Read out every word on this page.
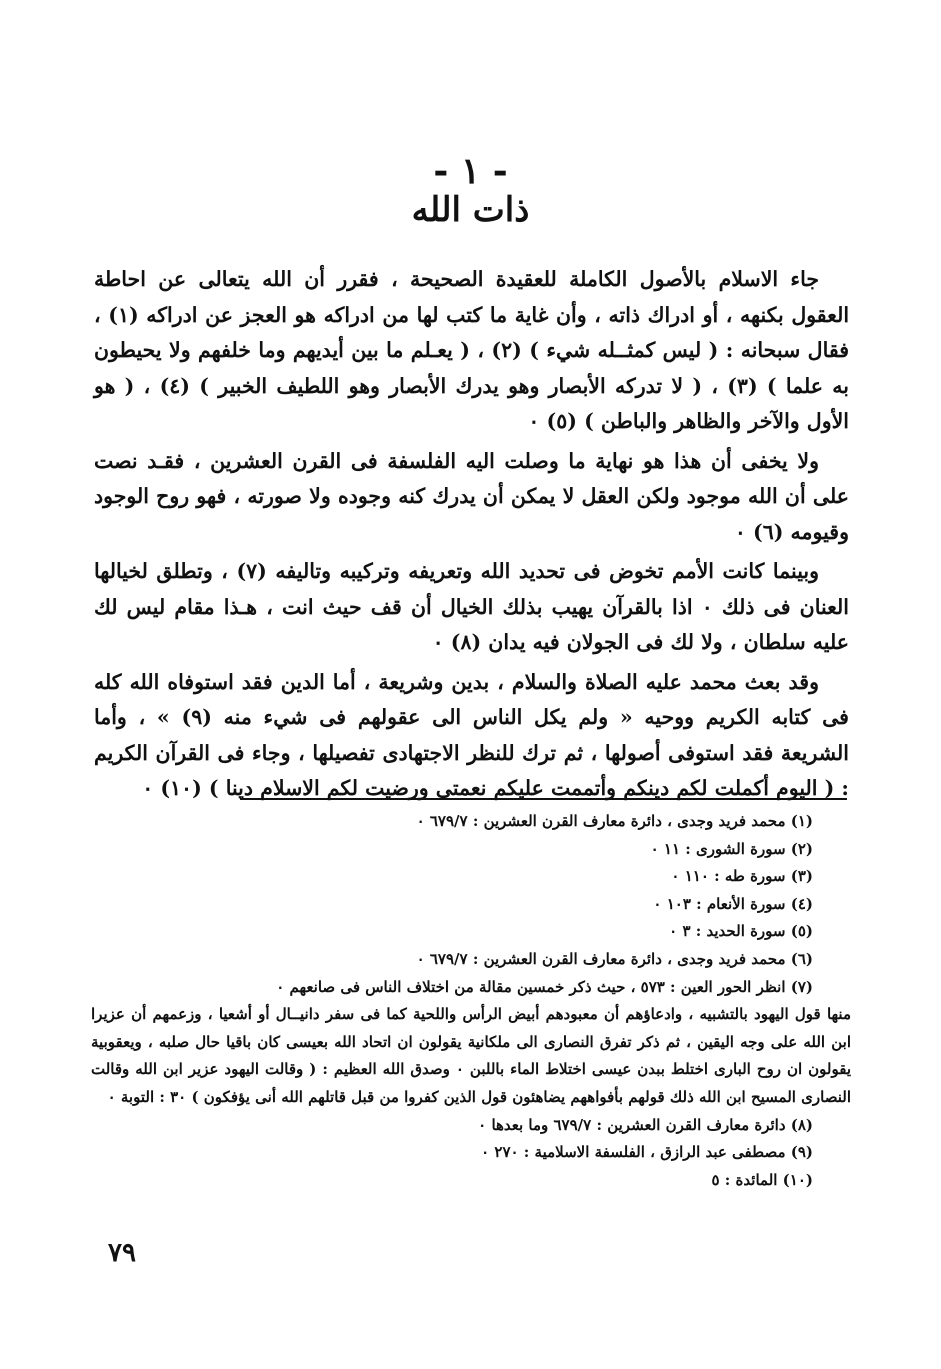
- ١ -
ذات الله

جاء الاسلام بالأصول الكاملة للعقيدة الصحيحة ، فقرر أن الله يتعالى عن احاطة العقول بكنهه ، أو ادراك ذاته ، وأن غاية ما كتب لها من ادراكه هو العجز عن ادراكه (١) ، فقال سبحانه : ( ليس كمثــله شيء ) (٢) ، ( يعـلم ما بين أيديهم وما خلفهم ولا يحيطون به علما ) (٣) ، ( لا تدركه الأبصار وهو يدرك الأبصار وهو اللطيف الخبير ) (٤) ، ( هو الأول والآخر والظاهر والباطن ) (٥) ٠

ولا يخفى أن هذا هو نهاية ما وصلت اليه الفلسفة فى القرن العشرين ، فقـد نصت على أن الله موجود ولكن العقل لا يمكن أن يدرك كنه وجوده ولا صورته ، فهو روح الوجود وقيومه (٦) ٠

وبينما كانت الأمم تخوض فى تحديد الله وتعريفه وتركيبه وتاليفه (٧) ، وتطلق لخيالها العنان فى ذلك ٠ اذا بالقرآن يهيب بذلك الخيال أن قف حيث انت ، هـذا مقام ليس لك عليه سلطان ، ولا لك فى الجولان فيه يدان (٨) ٠

وقد بعث محمد عليه الصلاة والسلام ، بدين وشريعة ، أما الدين فقد استوفاه الله كله فى كتابه الكريم ووحيه « ولم يكل الناس الى عقولهم فى شيء منه (٩) » ، وأما الشريعة فقد استوفى أصولها ، ثم ترك للنظر الاجتهادى تفصيلها ، وجاء فى القرآن الكريم : ( اليوم أكملت لكم دينكم وأتممت عليكم نعمتى ورضيت لكم الاسلام دينا ) (١٠) ٠

(١) محمد فريد وجدى ، دائرة معارف القرن العشرين : ٦٧٩/٧ ٠

(٢) سورة الشورى : ١١ ٠

(٣) سورة طه : ١١٠ ٠

(٤) سورة الأنعام : ١٠٣ ٠

(٥) سورة الحديد : ٣ ٠

(٦) محمد فريد وجدى ، دائرة معارف القرن العشرين : ٦٧٩/٧ ٠

(٧) انظر الحور العين : ٥٧٣ ، حيث ذكر خمسين مقالة من اختلاف الناس فى صانعهم ٠

منها قول اليهود بالتشبيه ، وادعاؤهم أن معبودهم أبيض الرأس واللحية كما فى سفر دانيــال أو أشعيا ، وزعمهم أن عزيرا ابن الله على وجه اليقين ، ثم ذكر تفرق النصارى الى ملكانية يقولون ان اتحاد الله بعيسى كان باقيا حال صلبه ، ويعقوبية يقولون ان روح البارى اختلط ببدن عيسى اختلاط الماء باللبن ٠ وصدق الله العظيم : ( وقالت اليهود عزير ابن الله وقالت النصارى المسيح ابن الله ذلك قولهم بأفواههم يضاهئون قول الذين كفروا من قبل قاتلهم الله أنى يؤفكون ) ٣٠ : التوبة ٠

(٨) دائرة معارف القرن العشرين : ٦٧٩/٧ وما بعدها ٠

(٩) مصطفى عبد الرازق ، الفلسفة الاسلامية : ٢٧٠ ٠

(١٠) المائدة : ٥

٧٩
